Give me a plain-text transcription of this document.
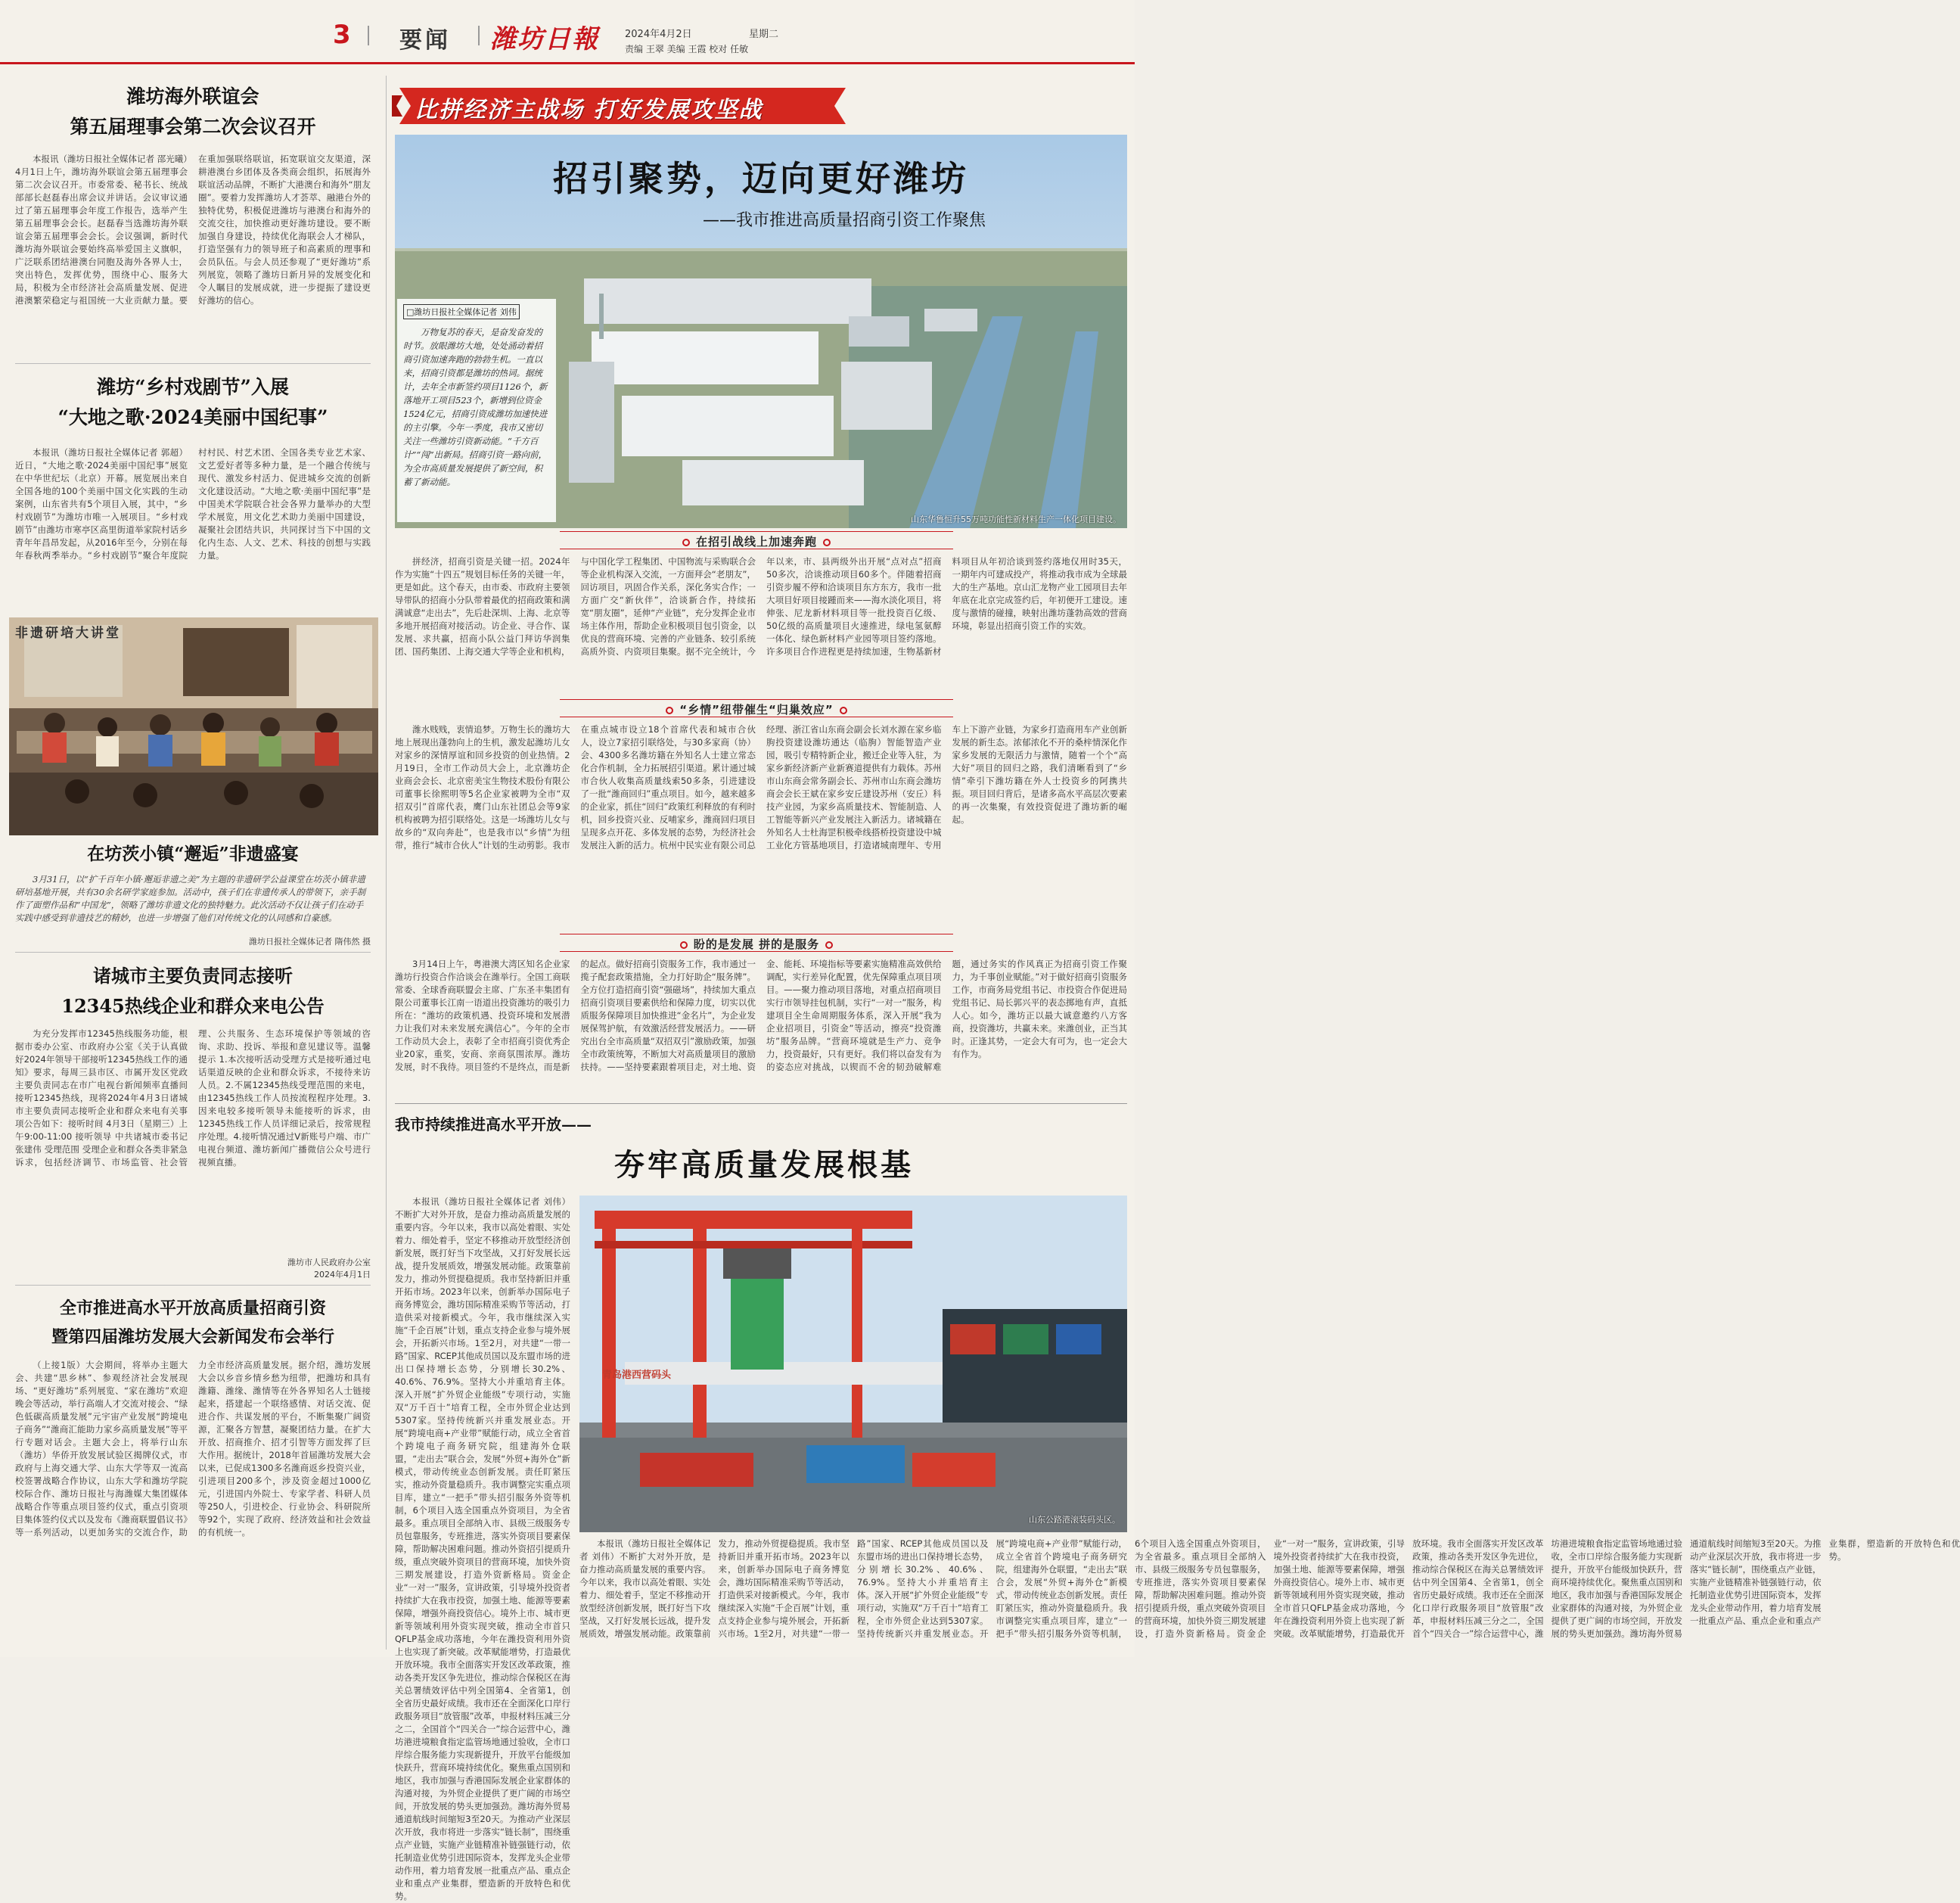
3 要闻 潍坊日報	2024年4月2日	星期二
责编 王翠 美编 王霞 校对 任敏
潍坊海外联谊会
第五届理事会第二次会议召开

本报讯（潍坊日报社全媒体记者 邵光曦）4月1日上午，潍坊海外联谊会第五届理事会第二次会议召开。市委常委、秘书长、统战部部长赵磊春出席会议并讲话。会议审议通过了第五届理事会年度工作报告，选举产生第五届理事会会长。赵磊春当选潍坊海外联谊会第五届理事会会长。会议强调，新时代潍坊海外联谊会要始终高举爱国主义旗帜，广泛联系团结港澳台同胞及海外各界人士，突出特色，发挥优势，围绕中心、服务大局，积极为全市经济社会高质量发展、促进港澳繁荣稳定与祖国统一大业贡献力量。要在重加强联络联谊，拓宽联谊交友渠道，深耕港澳台乡团体及各类商会组织，拓展海外联谊活动品牌，不断扩大港澳台和海外“朋友圈”。要着力发挥潍坊人才荟萃、融港台外的独特优势，积极促进潍坊与港澳台和海外的交流交往，加快推动更好潍坊建设。要不断加强自身建设，持续优化海联会人才梯队，打造坚强有力的领导班子和高素质的理事和会员队伍。与会人员还参观了“更好潍坊”系列展览，领略了潍坊日新月异的发展变化和令人瞩目的发展成就，进一步提振了建设更好潍坊的信心。

潍坊“乡村戏剧节”入展
“大地之歌·2024美丽中国纪事”

本报讯（潍坊日报社全媒体记者 郭超）近日，“大地之歌·2024美丽中国纪事”展览在中华世纪坛（北京）开幕。展览展出来自全国各地的100个美丽中国文化实践的生动案例，山东省共有5个项目入展，其中，“乡村戏剧节”为潍坊市唯一入展项目。“乡村戏剧节”由潍坊市寒亭区高里街道举家院村话乡青年年昌昂发起，从2016年至今，分别在每年春秋两季举办。“乡村戏剧节”聚合年度院村村民、村艺术团、全国各类专业艺术家、文艺爱好者等多种力量，是一个融合传统与现代、激发乡村活力、促进城乡交流的创新文化建设活动。“大地之歌·美丽中国纪事”是中国美术学院联合社会各界力量举办的大型学术展览，用文化艺术助力美丽中国建设，凝聚社会团结共识，共同探讨当下中国的文化内生态、人文、艺术、科技的创想与实践力量。

非遗研培大讲堂
在坊茨小镇“邂逅”非遗盛宴
3月31日，以“扩千百年小镇·邂逅非遗之美”为主题的非遗研学公益课堂在坊茨小镇非遗研培基地开展，共有30余名研学家庭参加。活动中，孩子们在非遗传承人的带领下，亲手制作了面塑作品和“中国龙”，领略了潍坊非遗文化的独特魅力。此次活动不仅让孩子们在动手实践中感受到非遗技艺的精妙，也进一步增强了他们对传统文化的认同感和自豪感。
潍坊日报社全媒体记者 隋伟然 摄
诸城市主要负责同志接听
12345热线企业和群众来电公告

为充分发挥市12345热线服务功能，根据市委办公室、市政府办公室《关于认真做好2024年领导干部接听12345热线工作的通知》要求，每周三县市区、市属开发区党政主要负责同志在市广电视台新闻频率直播间接听12345热线，现将2024年4月3日诸城市主要负责同志接听企业和群众来电有关事项公告如下：接听时间 4月3日（星期三）上午9:00-11:00 接听领导 中共诸城市委书记 张建伟 受理范围 受理企业和群众各类非紧急诉求，包括经济调节、市场监管、社会管理、公共服务、生态环境保护等领域的咨询、求助、投诉、举报和意见建议等。温馨提示 1.本次接听活动受理方式是接听通过电话渠道反映的企业和群众诉求，不接待来访人员。2.不属12345热线受理范围的来电，由12345热线工作人员按流程程序处理。3.因来电较多接听领导未能接听的诉求，由12345热线工作人员详细记录后，按常规程序处理。4.接听情况通过V新账号户端、市广电视台频道、潍坊新闻广播微信公众号进行视频直播。

潍坊市人民政府办公室
2024年4月1日
全市推进高水平开放高质量招商引资
暨第四届潍坊发展大会新闻发布会举行

（上接1版）大会期间，将举办主题大会、共建“思乡林”、参观经济社会发展现场、“更好潍坊”系列展览、“家在潍坊”欢迎晚会等活动，举行高端人才交流对接会、“绿色低碳高质量发展”元宇宙产业发展“跨境电子商务”“潍商汇能助力家乡高质量发展”等平行专题对话会。主题大会上，将举行山东（潍坊）华侨开放发展试验区揭牌仪式，市政府与上海交通大学、山东大学等双一流高校签署战略合作协议，山东大学和潍坊学院校际合作、潍坊日报社与海潍媒大集团媒体战略合作等重点项目签约仪式，重点引资项目集体签约仪式以及发布《潍商联盟倡议书》等一系列活动，以更加务实的交流合作，助力全市经济高质量发展。据介绍，潍坊发展大会以乡音乡情乡愁为纽带，把潍坊和具有潍籍、潍缘、潍情等在外各界知名人士链接起来，搭建起一个联络感情、对话交流、促进合作、共谋发展的平台，不断集聚广阔资源，汇聚各方智慧，凝聚团结力量。在扩大开放、招商推介、招才引智等方面发挥了巨大作用。据统计，2018年首届潍坊发展大会以来，已促成1300多名潍商返乡投资兴业，引进项目200多个，涉及资金超过1000亿元，引进国内外院士、专家学者、科研人员等250人，引进校企、行业协会、科研院所等92个，实现了政府、经济效益和社会效益的有机统一。

比拼经济主战场 打好发展攻坚战
招引聚势，迈向更好潍坊
——我市推进高质量招商引资工作聚焦
山东华鲁恒升55万吨功能性新材料生产一体化项目建设。
□潍坊日报社全媒体记者 刘伟

万物复苏的春天，是奋发奋发的时节。放眼潍坊大地，处处涌动着招商引资加速奔跑的勃勃生机。一直以来，招商引资都是潍坊的热词。据统计，去年全市新签约项目1126个，新落地开工项目523个，新增到位资金1524亿元，招商引资成潍坊加速快进的主引擎。今年一季度，我市又密切关注一些潍坊引资新动能。“千方百计”“闯”出新局。招商引资一路向前，为全市高质量发展提供了新空间，积蓄了新动能。

在招引战线上加速奔跑

拼经济，招商引资是关键一招。2024年作为实施“十四五”规划目标任务的关键一年，更是如此。这个春天，由市委、市政府主要领导带队的招商小分队带着最优的招商政策和满满诚意“走出去”，先后赴深圳、上海、北京等多地开展招商对接活动。访企业、寻合作、谋发展、求共赢，招商小队公益门拜访华润集团、国药集团、上海交通大学等企业和机构，与中国化学工程集团、中国物流与采购联合会等企业机构深入交流，一方面拜会“老朋友”，回访项目，巩固合作关系，深化务实合作；一方面广交“新伙伴”，洽谈新合作，持续拓宽“朋友圈”，延伸“产业链”，充分发挥企业市场主体作用，帮助企业积极项目包引资金，以优良的营商环境、完善的产业链条、较引系统高质外资、内资项目集聚。据不完全统计，今年以来，市、县两级外出开展“点对点”招商50多次，洽谈推动项目60多个。伴随着招商引资步履不停和洽谈项目东方东方，我市一批大项目好项目接踵而来——海水淡化项目，将伸张、尼龙新材料项目等一批投资百亿级、50亿级的高质量项目火速推进，绿电氢氨醇一体化、绿色新材料产业园等项目签约落地。许多项目合作进程更是持续加速，生物基新材料项目从年初洽谈到签约落地仅用时35天，一期年内可建成投产，将推动我市成为全球最大的生产基地。京山汇龙物产业工园项目去年年底在北京完成签约后，年初便开工建设。速度与激情的碰撞，映射出潍坊蓬勃高效的营商环境，彰显出招商引资工作的实效。

“乡情”纽带催生“归巢效应”

潍水贱贱，衷情追梦。万物生长的潍坊大地上展现出蓬勃向上的生机，激发起潍坊儿女对家乡的深情厚谊和回乡投资的创业热情。2月19日，全市工作动员大会上，北京潍坊企业商会会长、北京密美宝生物技术股份有限公司董事长徐熙明等5名企业家被聘为全市“双招双引”首席代表，鹰门山东社团总会等9家机构被聘为招引联络处。这是一场潍坊儿女与故乡的“双向奔赴”，也是我市以“乡情”为纽带，推行“城市合伙人”计划的生动剪影。我市在重点城市设立18个首席代表和城市合伙人，设立7家招引联络处，与30多家商（协）会、4300多名潍坊籍在外知名人士建立常态化合作机制，全力拓展招引渠道。累计通过城市合伙人收集高质量线索50多条，引进建设了一批“潍商回归”重点项目。如今，越来越多的企业家，抓住“回归”政策红利释放的有利时机，回乡投资兴业、反哺家乡，潍商回归项目呈现多点开花、多体发展的态势，为经济社会发展注入新的活力。杭州中民实业有限公司总经理、浙江省山东商会副会长刘水源在家乡临朐投资建设潍坊通达（临朐）智能智造产业园，吸引专精特新企业，搬迁企业等入驻，为家乡新经济新产业新赛道提供有力载体。苏州市山东商会常务副会长、苏州市山东商会潍坊商会会长王斌在家乡安丘建设苏州（安丘）科技产业园，为家乡高质量技术、智能制造、人工智能等新兴产业发展注入新活力。诸城籍在外知名人士杜海罡积极牵线搭桥投资建设中城工业化方管基地项目，打造诸城南理年、专用车上下游产业链，为家乡打造商用车产业创新发展的新生态。浓郁浓化不开的桑梓情深化作家乡发展的无限活力与激情，随着一个个“高大好”项目的回归之路，我们清晰看到了“乡情”牵引下潍坊籍在外人士投资乡的阿携共振。项目回归背后，是诸多高水平高层次要素的再一次集聚，有效投资促进了潍坊新的崛起。

盼的是发展 拼的是服务

3月14日上午，粤港澳大湾区知名企业家潍坊行投资合作洽谈会在潍举行。全国工商联常委、全球香商联盟会主席、广东圣丰集团有限公司董事长江南一语道出投资潍坊的吸引力所在：“潍坊的政策机遇、投资环境和发展潜力让我们对未来发展充满信心”。今年的全市工作动员大会上，表彰了全市招商引资优秀企业20家，重奖，安商、亲商氛围浓厚。潍坊发展，时不我待。项目签约不是终点，而是新的起点。做好招商引资服务工作，我市通过一揽子配套政策措施，全力打好助企“服务牌”。全方位打造招商引资“强磁场”，持续加大重点招商引资项目要素供给和保障力度，切实以优质服务保障项目加快推进“金名片”，为企业发展保驾护航，有效激活经营发展活力。——研究出台全市高质量“双招双引”激励政策，加强全市政策统筹，不断加大对高质量项目的激励扶持。——坚持要素跟着项目走，对土地、资金、能耗、环境指标等要素实施精准高效供给调配，实行差异化配置，优先保障重点项目项目。——聚力推动项目落地，对重点招商项目实行市领导挂包机制，实行“一对一”服务，构建项目全生命周期服务体系，深入开展“我为企业招项目，引资金”等活动，擦亮“投资潍坊”服务品牌。“营商环境就是生产力、竞争力，投资最好，只有更好。我们将以奋发有为的姿态应对挑战，以锲而不舍的韧劲破解难题，通过务实的作风真正为招商引资工作聚力，为千事创业赋能。”对于做好招商引资服务工作，市商务局党组书记、市投资合作促进局党组书记、局长郭兴平的表态掷地有声，直抵人心。如今，潍坊正以最大诚意邀约八方客商，投资潍坊，共赢未来。来潍创业，正当其时。正逢其势，一定会大有可为，也一定会大有作为。

我市持续推进高水平开放——
夯牢高质量发展根基
青岛港西营码头
山东公路港滚装码头区。

本报讯（潍坊日报社全媒体记者 刘伟）不断扩大对外开放，是奋力推动高质量发展的重要内容。今年以来，我市以高处着眼、实处着力、细处着手，坚定不移推动开放型经济创新发展，既打好当下攻坚战，又打好发展长远战，提升发展质效，增强发展动能。政策靠前发力，推动外贸提稳提质。我市坚持新旧并重开拓市场。2023年以来，创新举办国际电子商务博览会，潍坊国际精准采购节等活动，打造供采对接新模式。今年，我市继续深入实施“千企百展”计划，重点支持企业参与境外展会，开拓新兴市场。1至2月，对共建“一带一路”国家、RCEP其他成员国以及东盟市场的进出口保持增长态势，分别增长30.2%、40.6%、76.9%。坚持大小并重培育主体。深入开展“扩外贸企业能级”专项行动，实施双“万千百十”培育工程，全市外贸企业达到5307家。坚持传统新兴并重发展业态。开展“跨境电商+产业带”赋能行动，成立全省首个跨境电子商务研究院，组建海外仓联盟，“走出去”联合会，发展“外贸+海外仓”新模式，带动传统业态创新发展。责任盯紧压实，推动外资量稳质升。我市调整完实重点项目库，建立“一把手”带头招引服务外资等机制，6个项目入选全国重点外资项目，为全省最多。重点项目全部纳入市、县级三级服务专员包靠服务，专班推进，落实外资项目要素保障，帮助解决困难问题。推动外资招引提质升级，重点突破外资项目的营商环境，加快外资三期发展建设，打造外资新格局。资金企业“一对一”服务，宣讲政策，引导境外投资者持续扩大在我市投资，加强土地、能源等要素保障，增强外商投资信心。境外上市、城市更新等领域利用外资实现突破，推动全市首只QFLP基金成功落地，今年在潍投资利用外资上也实现了新突破。改革赋能增势，打造最优开放环境。我市全面落实开发区改革政策，推动各类开发区争先进位，推动综合保税区在海关总署绩效评估中列全国第4、全省第1，创全省历史最好成绩。我市还在全面深化口岸行政服务项目“放管服”改革，申报材料压减三分之二，全国首个“四关合一”综合运营中心，潍坊港进境粮食指定监管场地通过验收，全市口岸综合服务能力实现新提升，开放平台能级加快跃升，营商环境持续优化。聚焦重点国别和地区，我市加强与香港国际发展企业家群体的沟通对接，为外贸企业提供了更广阔的市场空间，开放发展的势头更加强劲。潍坊海外贸易通道航线时间缩短3至20天。为推动产业深层次开放，我市将进一步落实“链长制”，围绕重点产业链，实施产业链精准补链强链行动，依托制造业优势引进国际资本，发挥龙头企业带动作用，着力培育发展一批重点产品、重点企业和重点产业集群，塑造新的开放特色和优势。

本报讯（潍坊日报社全媒体记者 刘伟）不断扩大对外开放，是奋力推动高质量发展的重要内容。今年以来，我市以高处着眼、实处着力、细处着手，坚定不移推动开放型经济创新发展，既打好当下攻坚战，又打好发展长远战，提升发展质效，增强发展动能。政策靠前发力，推动外贸提稳提质。我市坚持新旧并重开拓市场。2023年以来，创新举办国际电子商务博览会，潍坊国际精准采购节等活动，打造供采对接新模式。今年，我市继续深入实施“千企百展”计划，重点支持企业参与境外展会，开拓新兴市场。1至2月，对共建“一带一路”国家、RCEP其他成员国以及东盟市场的进出口保持增长态势，分别增长30.2%、40.6%、76.9%。坚持大小并重培育主体。深入开展“扩外贸企业能级”专项行动，实施双“万千百十”培育工程，全市外贸企业达到5307家。坚持传统新兴并重发展业态。开展“跨境电商+产业带”赋能行动，成立全省首个跨境电子商务研究院，组建海外仓联盟，“走出去”联合会，发展“外贸+海外仓”新模式，带动传统业态创新发展。责任盯紧压实，推动外资量稳质升。我市调整完实重点项目库，建立“一把手”带头招引服务外资等机制，6个项目入选全国重点外资项目，为全省最多。重点项目全部纳入市、县级三级服务专员包靠服务，专班推进，落实外资项目要素保障，帮助解决困难问题。推动外资招引提质升级，重点突破外资项目的营商环境，加快外资三期发展建设，打造外资新格局。资金企业“一对一”服务，宣讲政策，引导境外投资者持续扩大在我市投资，加强土地、能源等要素保障，增强外商投资信心。境外上市、城市更新等领域利用外资实现突破，推动全市首只QFLP基金成功落地，今年在潍投资利用外资上也实现了新突破。改革赋能增势，打造最优开放环境。我市全面落实开发区改革政策，推动各类开发区争先进位，推动综合保税区在海关总署绩效评估中列全国第4、全省第1，创全省历史最好成绩。我市还在全面深化口岸行政服务项目“放管服”改革，申报材料压减三分之二，全国首个“四关合一”综合运营中心，潍坊港进境粮食指定监管场地通过验收，全市口岸综合服务能力实现新提升，开放平台能级加快跃升，营商环境持续优化。聚焦重点国别和地区，我市加强与香港国际发展企业家群体的沟通对接，为外贸企业提供了更广阔的市场空间，开放发展的势头更加强劲。潍坊海外贸易通道航线时间缩短3至20天。为推动产业深层次开放，我市将进一步落实“链长制”，围绕重点产业链，实施产业链精准补链强链行动，依托制造业优势引进国际资本，发挥龙头企业带动作用，着力培育发展一批重点产品、重点企业和重点产业集群，塑造新的开放特色和优势。
